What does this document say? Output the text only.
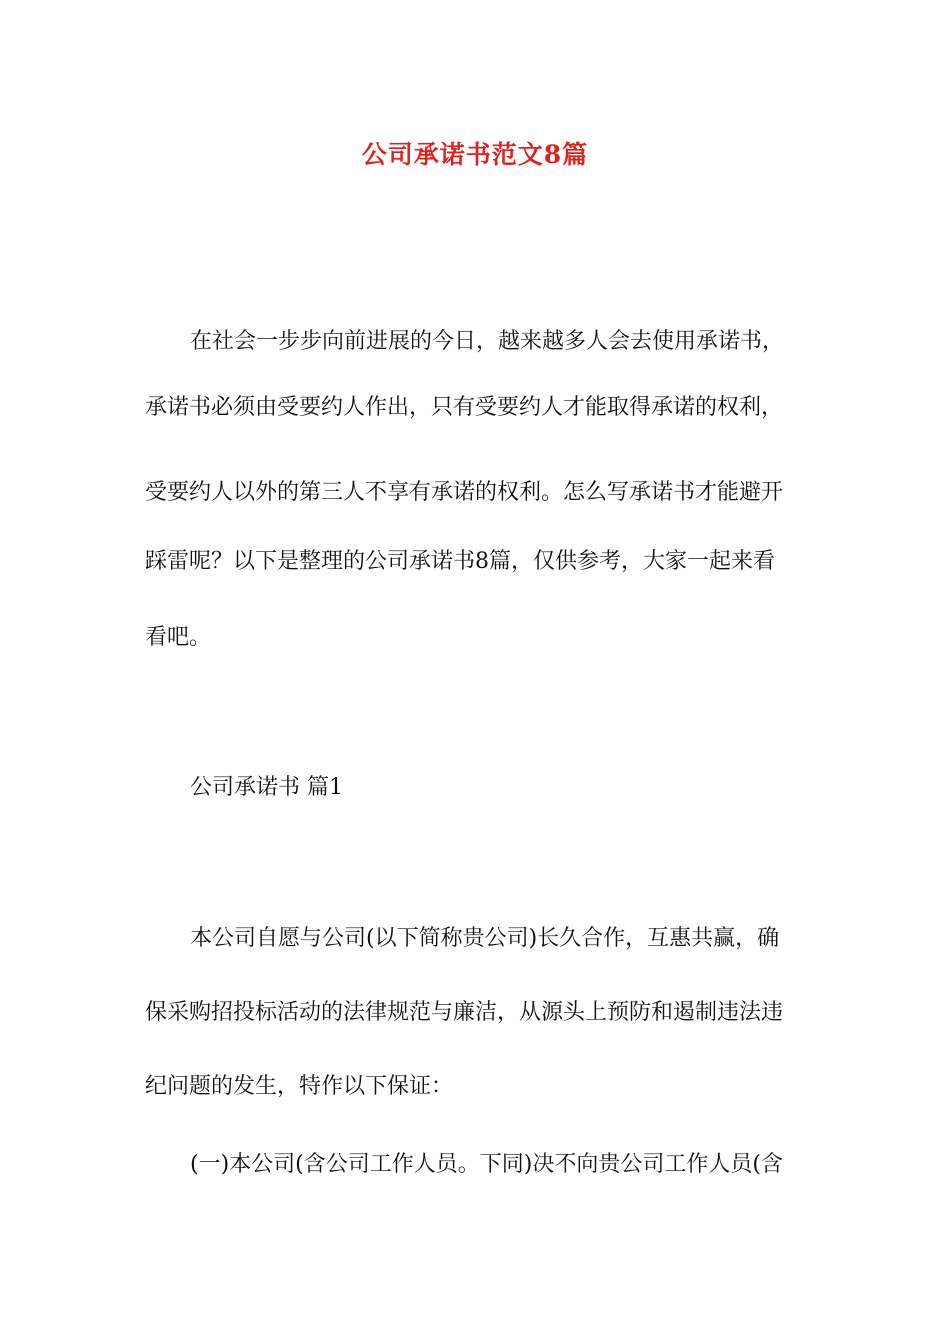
公司承诺书范文8篇
在社会一步步向前进展的今日，越来越多人会去使用承诺书，
承诺书必须由受要约人作出，只有受要约人才能取得承诺的权利，
受要约人以外的第三人不享有承诺的权利。怎么写承诺书才能避开
踩雷呢？以下是整理的公司承诺书8篇，仅供参考，大家一起来看
看吧。
公司承诺书 篇1
本公司自愿与公司(以下简称贵公司)长久合作，互惠共赢，确
保采购招投标活动的法律规范与廉洁，从源头上预防和遏制违法违
纪问题的发生，特作以下保证：
(一)本公司(含公司工作人员。下同)决不向贵公司工作人员(含
